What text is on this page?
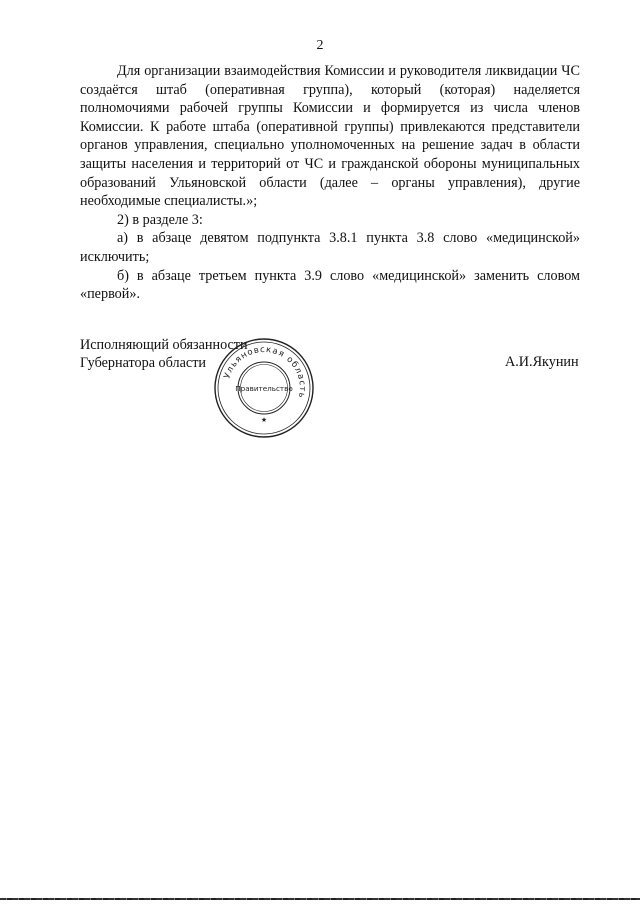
2

Для организации взаимодействия Комиссии и руководителя ликвидации ЧС создаётся штаб (оперативная группа), который (которая) наделяется полномочиями рабочей группы Комиссии и формируется из числа членов Комиссии. К работе штаба (оперативной группы) привлекаются представители органов управления, специально уполномоченных на решение задач в области защиты населения и территорий от ЧС и гражданской обороны муниципальных образований Ульяновской области (далее – органы управления), другие необходимые специалисты.»;

2) в разделе 3:

а) в абзаце девятом подпункта 3.8.1 пункта 3.8 слово «медицинской» исключить;

б) в абзаце третьем пункта 3.9 слово «медицинской» заменить словом «первой».

Исполняющий обязанности
Губернатора области
Ульяновская область
Правительство
★
А.И.Якунин
